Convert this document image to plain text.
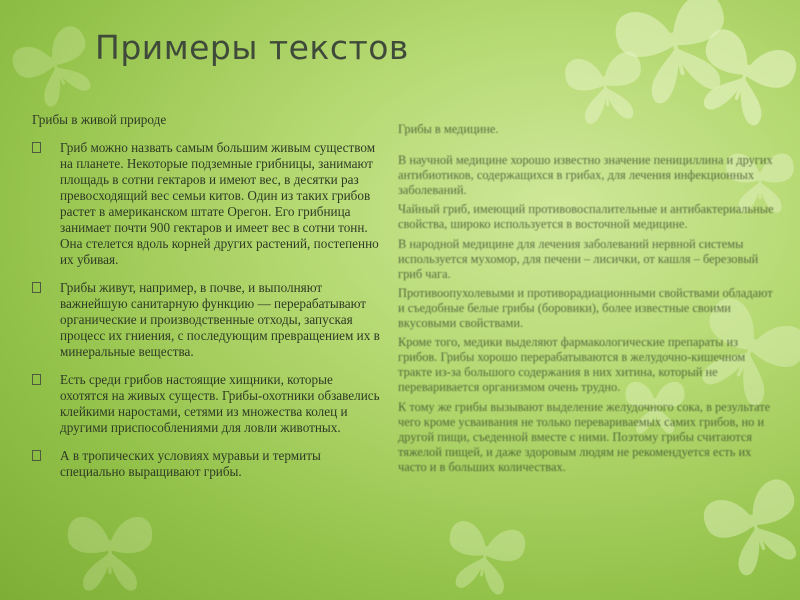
Примеры текстов

Грибы в живой природе

Гриб можно назвать самым большим живым существом на планете. Некоторые подземные грибницы, занимают площадь в сотни гектаров и имеют вес, в десятки раз превосходящий вес семьи китов. Один из таких грибов растет в американском штате Орегон. Его грибница занимает почти 900 гектаров и имеет вес в сотни тонн. Она стелется вдоль корней других растений, постепенно их убивая.
Грибы живут, например, в почве, и выполняют важнейшую санитарную функцию — перерабатывают органические и производственные отходы, запуская процесс их гниения, с последующим превращением их в минеральные вещества.
Есть среди грибов настоящие хищники, которые охотятся на живых существ. Грибы-охотники обзавелись клейкими наростами, сетями из множества колец и другими приспособлениями для ловли животных.
А в тропических условиях муравьи и термиты специально выращивают грибы.

Грибы в медицине.

В научной медицине хорошо известно значение пенициллина и других антибиотиков, содержащихся в грибах, для лечения инфекционных заболеваний.

Чайный гриб, имеющий противовоспалительные и антибактериальные свойства, широко используется в восточной медицине.

В народной медицине для лечения заболеваний нервной системы используется мухомор, для печени – лисички, от кашля – березовый гриб чага.

Противоопухолевыми и противорадиационными свойствами обладают и съедобные белые грибы (боровики), более известные своими вкусовыми свойствами.

Кроме того, медики выделяют фармакологические препараты из грибов. Грибы хорошо перерабатываются в желудочно-кишечном тракте из-за большого содержания в них хитина, который не переваривается организмом очень трудно.

К тому же грибы вызывают выделение желудочного сока, в результате чего кроме усваивания не только перевариваемых самих грибов, но и другой пищи, съеденной вместе с ними. Поэтому грибы считаются тяжелой пищей, и даже здоровым людям не рекомендуется есть их часто и в больших количествах.
